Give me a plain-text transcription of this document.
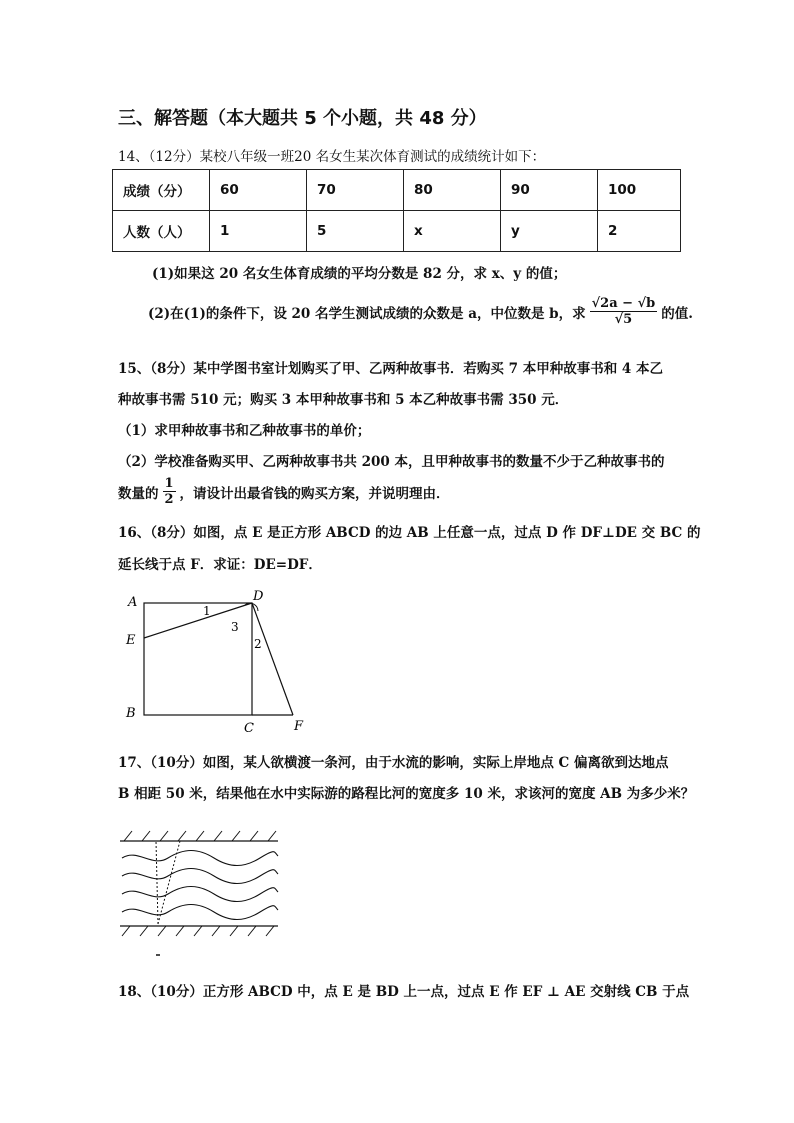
三、解答题（本大题共 5 个小题，共 48 分）
14、（12分）某校八年级一班20 名女生某次体育测试的成绩统计如下：
成绩（分）	60	70	80	90	100
人数（人）	1	5	x	y	2
(1)如果这 20 名女生体育成绩的平均分数是 82 分，求 x、y 的值；
(2)在(1)的条件下，设 20 名学生测试成绩的众数是 a，中位数是 b，求 $\frac{√2a - √b}{√5}$ 的值.
15、（8分）某中学图书室计划购买了甲、乙两种故事书．若购买 7 本甲种故事书和 4 本乙
种故事书需 510 元；购买 3 本甲种故事书和 5 本乙种故事书需 350 元．
（1）求甲种故事书和乙种故事书的单价；
（2）学校准备购买甲、乙两种故事书共 200 本，且甲种故事书的数量不少于乙种故事书的
数量的 $\frac{1}{2}$ ，请设计出最省钱的购买方案，并说明理由．
16、（8分）如图，点 E 是正方形 ABCD 的边 AB 上任意一点，过点 D 作 DF⊥DE 交 BC 的
延长线于点 F．求证：DE=DF．
A
E
B
C
D
F
1
2
3
17、（10分）如图，某人欲横渡一条河，由于水流的影响，实际上岸地点 C 偏离欲到达地点
B 相距 50 米，结果他在水中实际游的路程比河的宽度多 10 米，求该河的宽度 AB 为多少米？
18、（10分）正方形 ABCD 中，点 E 是 BD 上一点，过点 E 作 EF ⊥ AE 交射线 CB 于点
